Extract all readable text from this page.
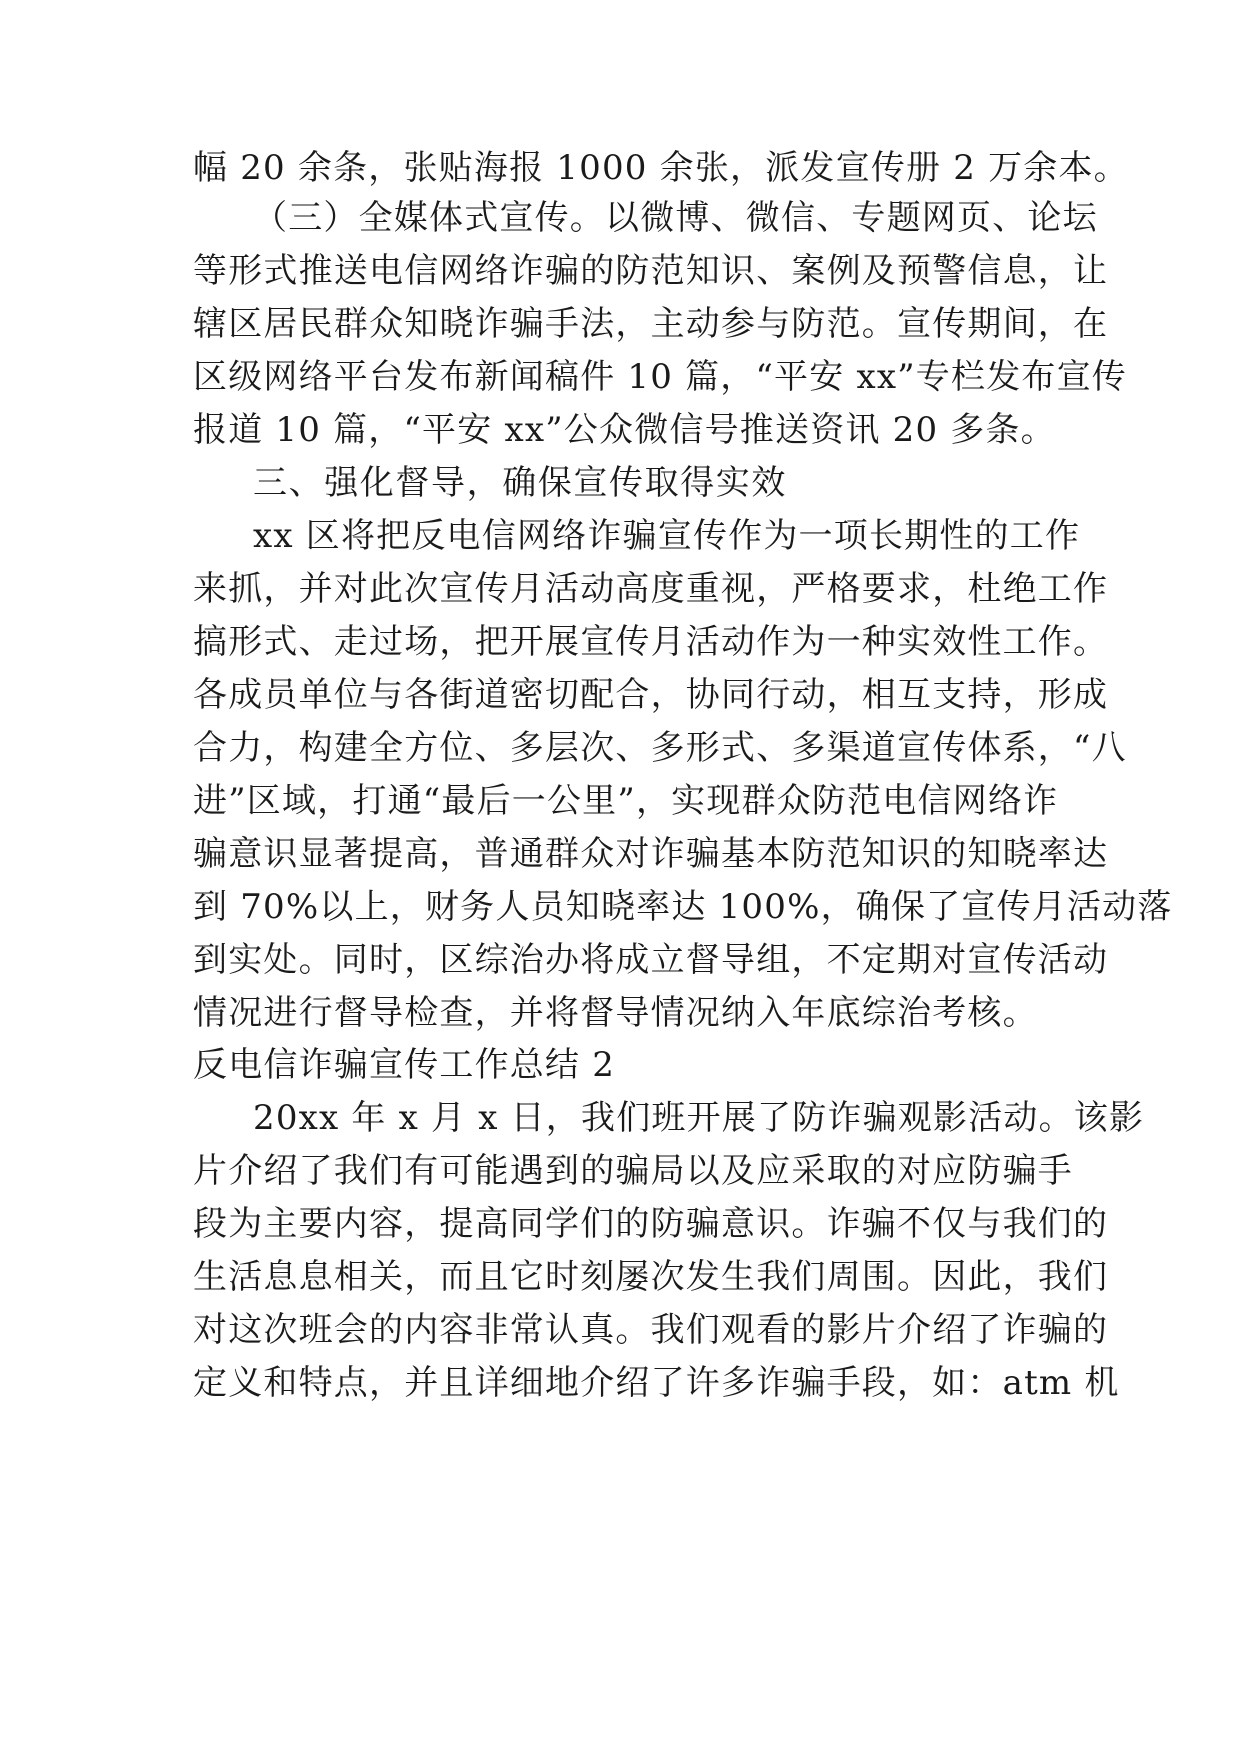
幅 20 余条，张贴海报 1000 余张，派发宣传册 2 万余本。
（三）全媒体式宣传。以微博、微信、专题网页、论坛
等形式推送电信网络诈骗的防范知识、案例及预警信息，让
辖区居民群众知晓诈骗手法，主动参与防范。宣传期间，在
区级网络平台发布新闻稿件 10 篇，“平安 xx”专栏发布宣传
报道 10 篇，“平安 xx”公众微信号推送资讯 20 多条。
三、强化督导，确保宣传取得实效
xx 区将把反电信网络诈骗宣传作为一项长期性的工作
来抓，并对此次宣传月活动高度重视，严格要求，杜绝工作
搞形式、走过场，把开展宣传月活动作为一种实效性工作。
各成员单位与各街道密切配合，协同行动，相互支持，形成
合力，构建全方位、多层次、多形式、多渠道宣传体系，“八
进”区域，打通“最后一公里”，实现群众防范电信网络诈
骗意识显著提高，普通群众对诈骗基本防范知识的知晓率达
到 70%以上，财务人员知晓率达 100%，确保了宣传月活动落
到实处。同时，区综治办将成立督导组，不定期对宣传活动
情况进行督导检查，并将督导情况纳入年底综治考核。
反电信诈骗宣传工作总结 2
20xx 年 x 月 x 日，我们班开展了防诈骗观影活动。该影
片介绍了我们有可能遇到的骗局以及应采取的对应防骗手
段为主要内容，提高同学们的防骗意识。诈骗不仅与我们的
生活息息相关，而且它时刻屡次发生我们周围。因此，我们
对这次班会的内容非常认真。我们观看的影片介绍了诈骗的
定义和特点，并且详细地介绍了许多诈骗手段，如：atm 机
